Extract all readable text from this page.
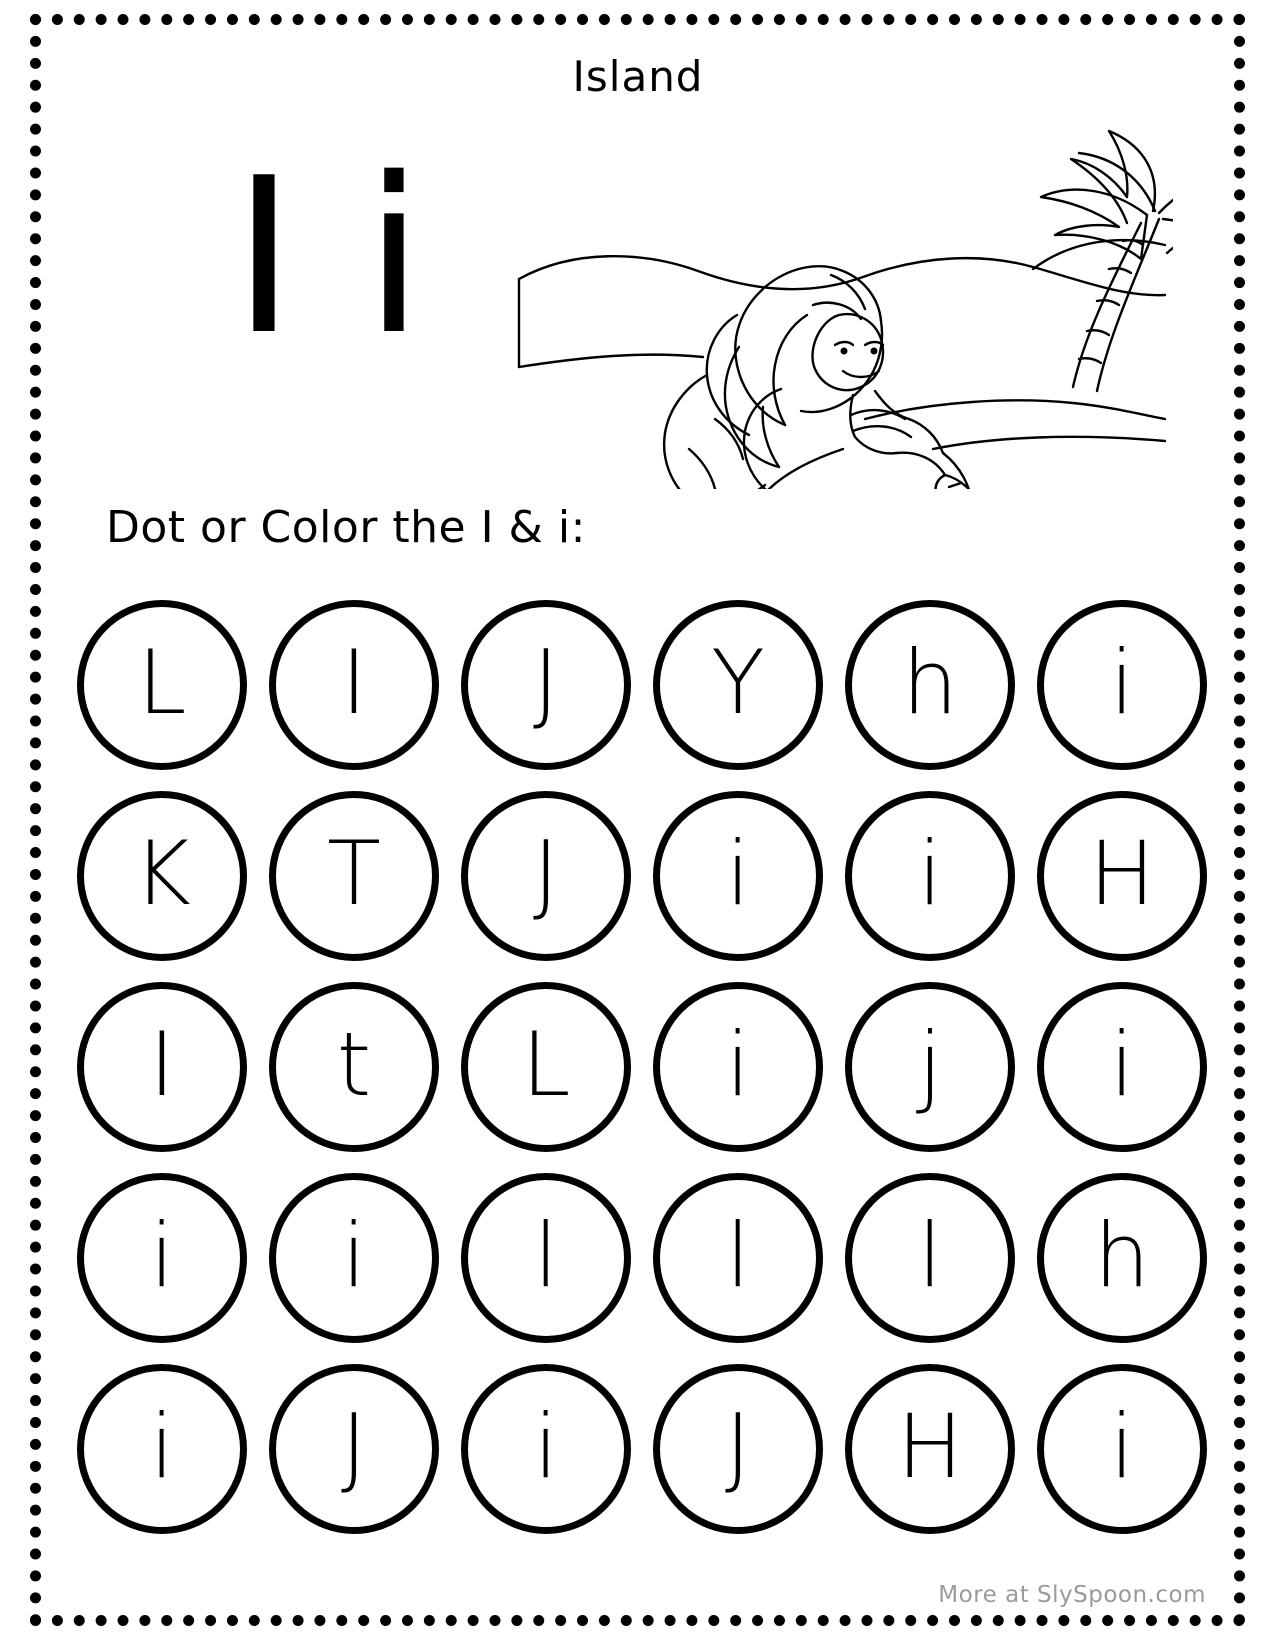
Island
I i
Dot or Color the I & i:
L I J Y h i
K T J i i H
I t L i j i
i i l l l h
i J i J H i
More at SlySpoon.com
